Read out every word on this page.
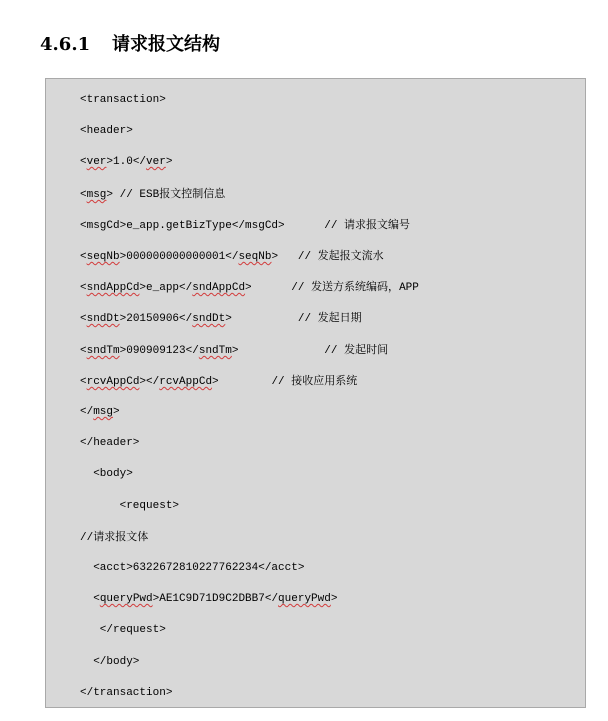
4.6.1 请求报文结构
<transaction>
<header>
<ver>1.0</ver>
<msg> // ESB报文控制信息
<msgCd>e_app.getBizType</msgCd>      // 请求报文编号
<seqNb>000000000000001</seqNb>   // 发起报文流水
<sndAppCd>e_app</sndAppCd>      // 发送方系统编码，APP
<sndDt>20150906</sndDt>          // 发起日期
<sndTm>090909123</sndTm>             // 发起时间
<rcvAppCd></rcvAppCd>        // 接收应用系统
</msg>
</header>
<body>
<request>
//请求报文体
<acct>6322672810227762234</acct>
<queryPwd>AE1C9D71D9C2DBB7</queryPwd>
</request>
</body>
</transaction>
